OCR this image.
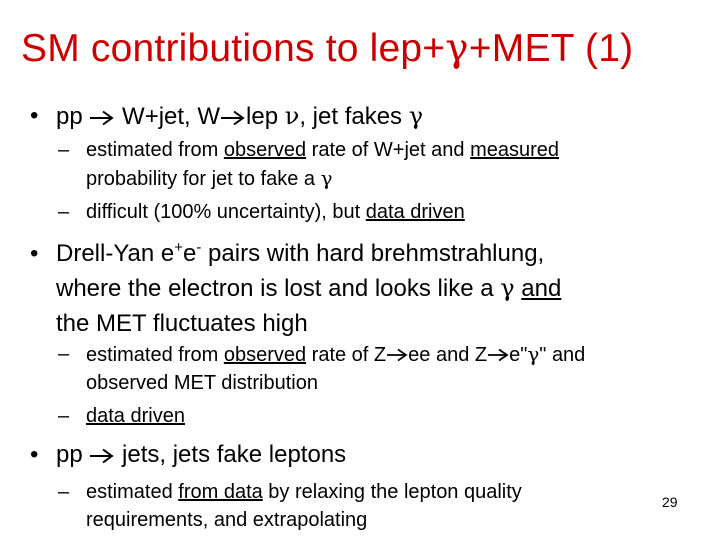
SM contributions to lep+γ+MET (1)
• pp  W+jet, W lep ν, jet fakes γ
– estimated from observed rate of W+jet and measured
probability for jet to fake a γ
– difficult (100% uncertainty), but data driven
• Drell-Yan e+e- pairs with hard brehmstrahlung,
where the electron is lost and looks like a γ and
the MET fluctuates high
– estimated from observed rate of Z ee and Z e"γ" and
observed MET distribution
– data driven
• pp  jets, jets fake leptons
– estimated from data by relaxing the lepton quality
requirements, and extrapolating
29
